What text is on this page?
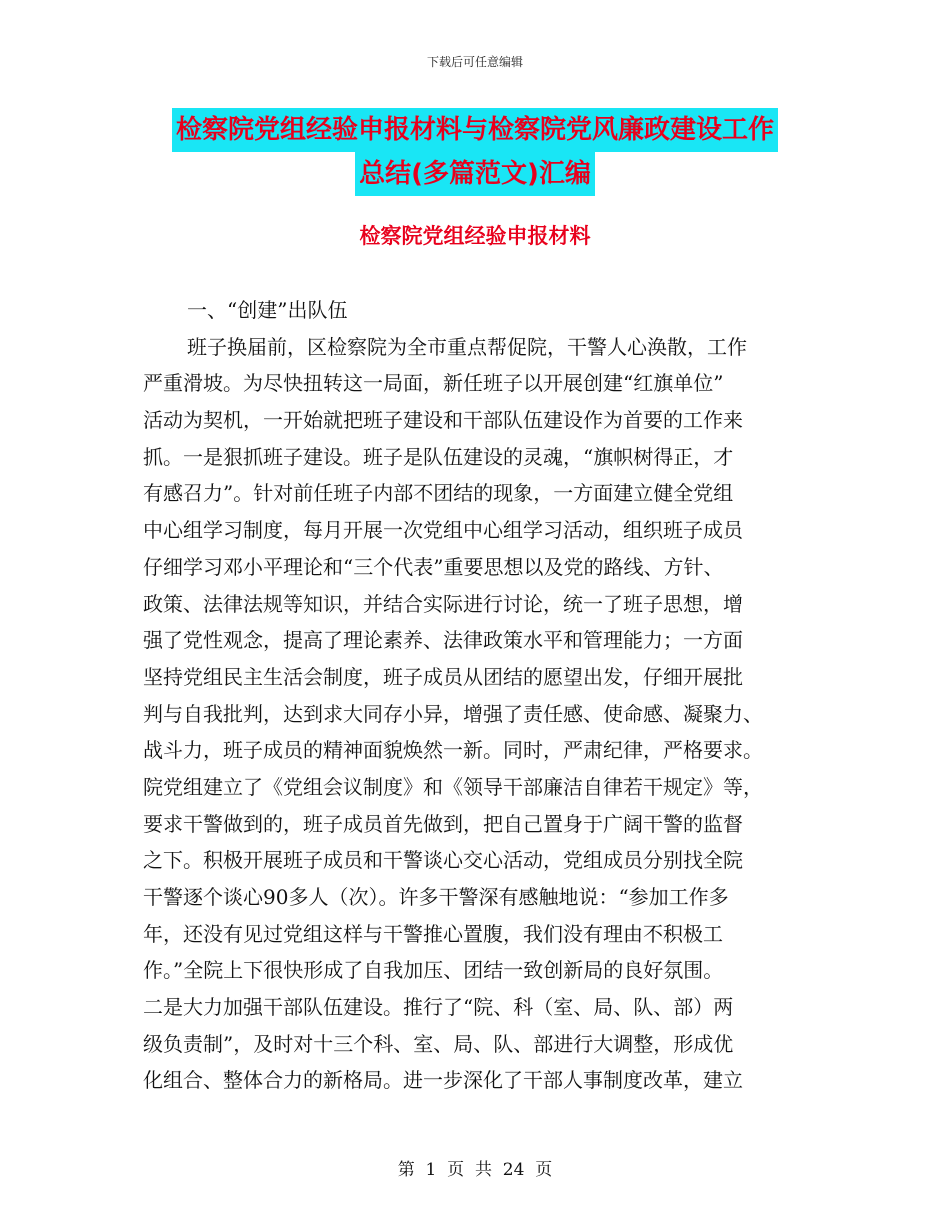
下载后可任意编辑
检察院党组经验申报材料与检察院党风廉政建设工作
总结(多篇范文)汇编
检察院党组经验申报材料
一、“创建”出队伍
班子换届前，区检察院为全市重点帮促院，干警人心涣散，工作
严重滑坡。为尽快扭转这一局面，新任班子以开展创建“红旗单位”
活动为契机，一开始就把班子建设和干部队伍建设作为首要的工作来
抓。一是狠抓班子建设。班子是队伍建设的灵魂，“旗帜树得正，才
有感召力”。针对前任班子内部不团结的现象，一方面建立健全党组
中心组学习制度，每月开展一次党组中心组学习活动，组织班子成员
仔细学习邓小平理论和“三个代表”重要思想以及党的路线、方针、
政策、法律法规等知识，并结合实际进行讨论，统一了班子思想，增
强了党性观念，提高了理论素养、法律政策水平和管理能力；一方面
坚持党组民主生活会制度，班子成员从团结的愿望出发，仔细开展批
判与自我批判，达到求大同存小异，增强了责任感、使命感、凝聚力、
战斗力，班子成员的精神面貌焕然一新。同时，严肃纪律，严格要求。
院党组建立了《党组会议制度》和《领导干部廉洁自律若干规定》等，
要求干警做到的，班子成员首先做到，把自己置身于广阔干警的监督
之下。积极开展班子成员和干警谈心交心活动，党组成员分别找全院
干警逐个谈心90多人（次）。许多干警深有感触地说：“参加工作多
年，还没有见过党组这样与干警推心置腹，我们没有理由不积极工
作。”全院上下很快形成了自我加压、团结一致创新局的良好氛围。
二是大力加强干部队伍建设。推行了“院、科（室、局、队、部）两
级负责制”，及时对十三个科、室、局、队、部进行大调整，形成优
化组合、整体合力的新格局。进一步深化了干部人事制度改革，建立
第  1  页  共  24  页
